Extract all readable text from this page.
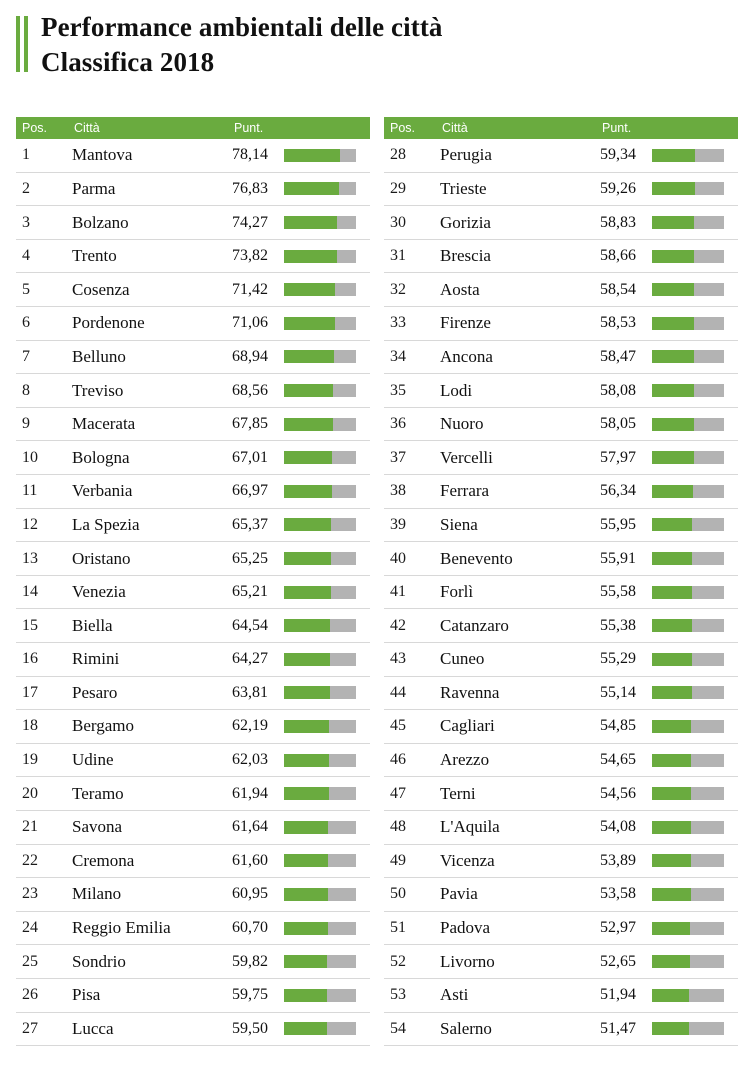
Performance ambientali delle città
Classifica 2018
Pos.	Città	Punt.
1	Mantova	78,14

2	Parma	76,83

3	Bolzano	74,27

4	Trento	73,82

5	Cosenza	71,42

6	Pordenone	71,06

7	Belluno	68,94

8	Treviso	68,56

9	Macerata	67,85

10	Bologna	67,01

11	Verbania	66,97

12	La Spezia	65,37

13	Oristano	65,25

14	Venezia	65,21

15	Biella	64,54

16	Rimini	64,27

17	Pesaro	63,81

18	Bergamo	62,19

19	Udine	62,03

20	Teramo	61,94

21	Savona	61,64

22	Cremona	61,60

23	Milano	60,95

24	Reggio Emilia	60,70

25	Sondrio	59,82

26	Pisa	59,75

27	Lucca	59,50
Pos.	Città	Punt.
28	Perugia	59,34

29	Trieste	59,26

30	Gorizia	58,83

31	Brescia	58,66

32	Aosta	58,54

33	Firenze	58,53

34	Ancona	58,47

35	Lodi	58,08

36	Nuoro	58,05

37	Vercelli	57,97

38	Ferrara	56,34

39	Siena	55,95

40	Benevento	55,91

41	Forlì	55,58

42	Catanzaro	55,38

43	Cuneo	55,29

44	Ravenna	55,14

45	Cagliari	54,85

46	Arezzo	54,65

47	Terni	54,56

48	L'Aquila	54,08

49	Vicenza	53,89

50	Pavia	53,58

51	Padova	52,97

52	Livorno	52,65

53	Asti	51,94

54	Salerno	51,47
